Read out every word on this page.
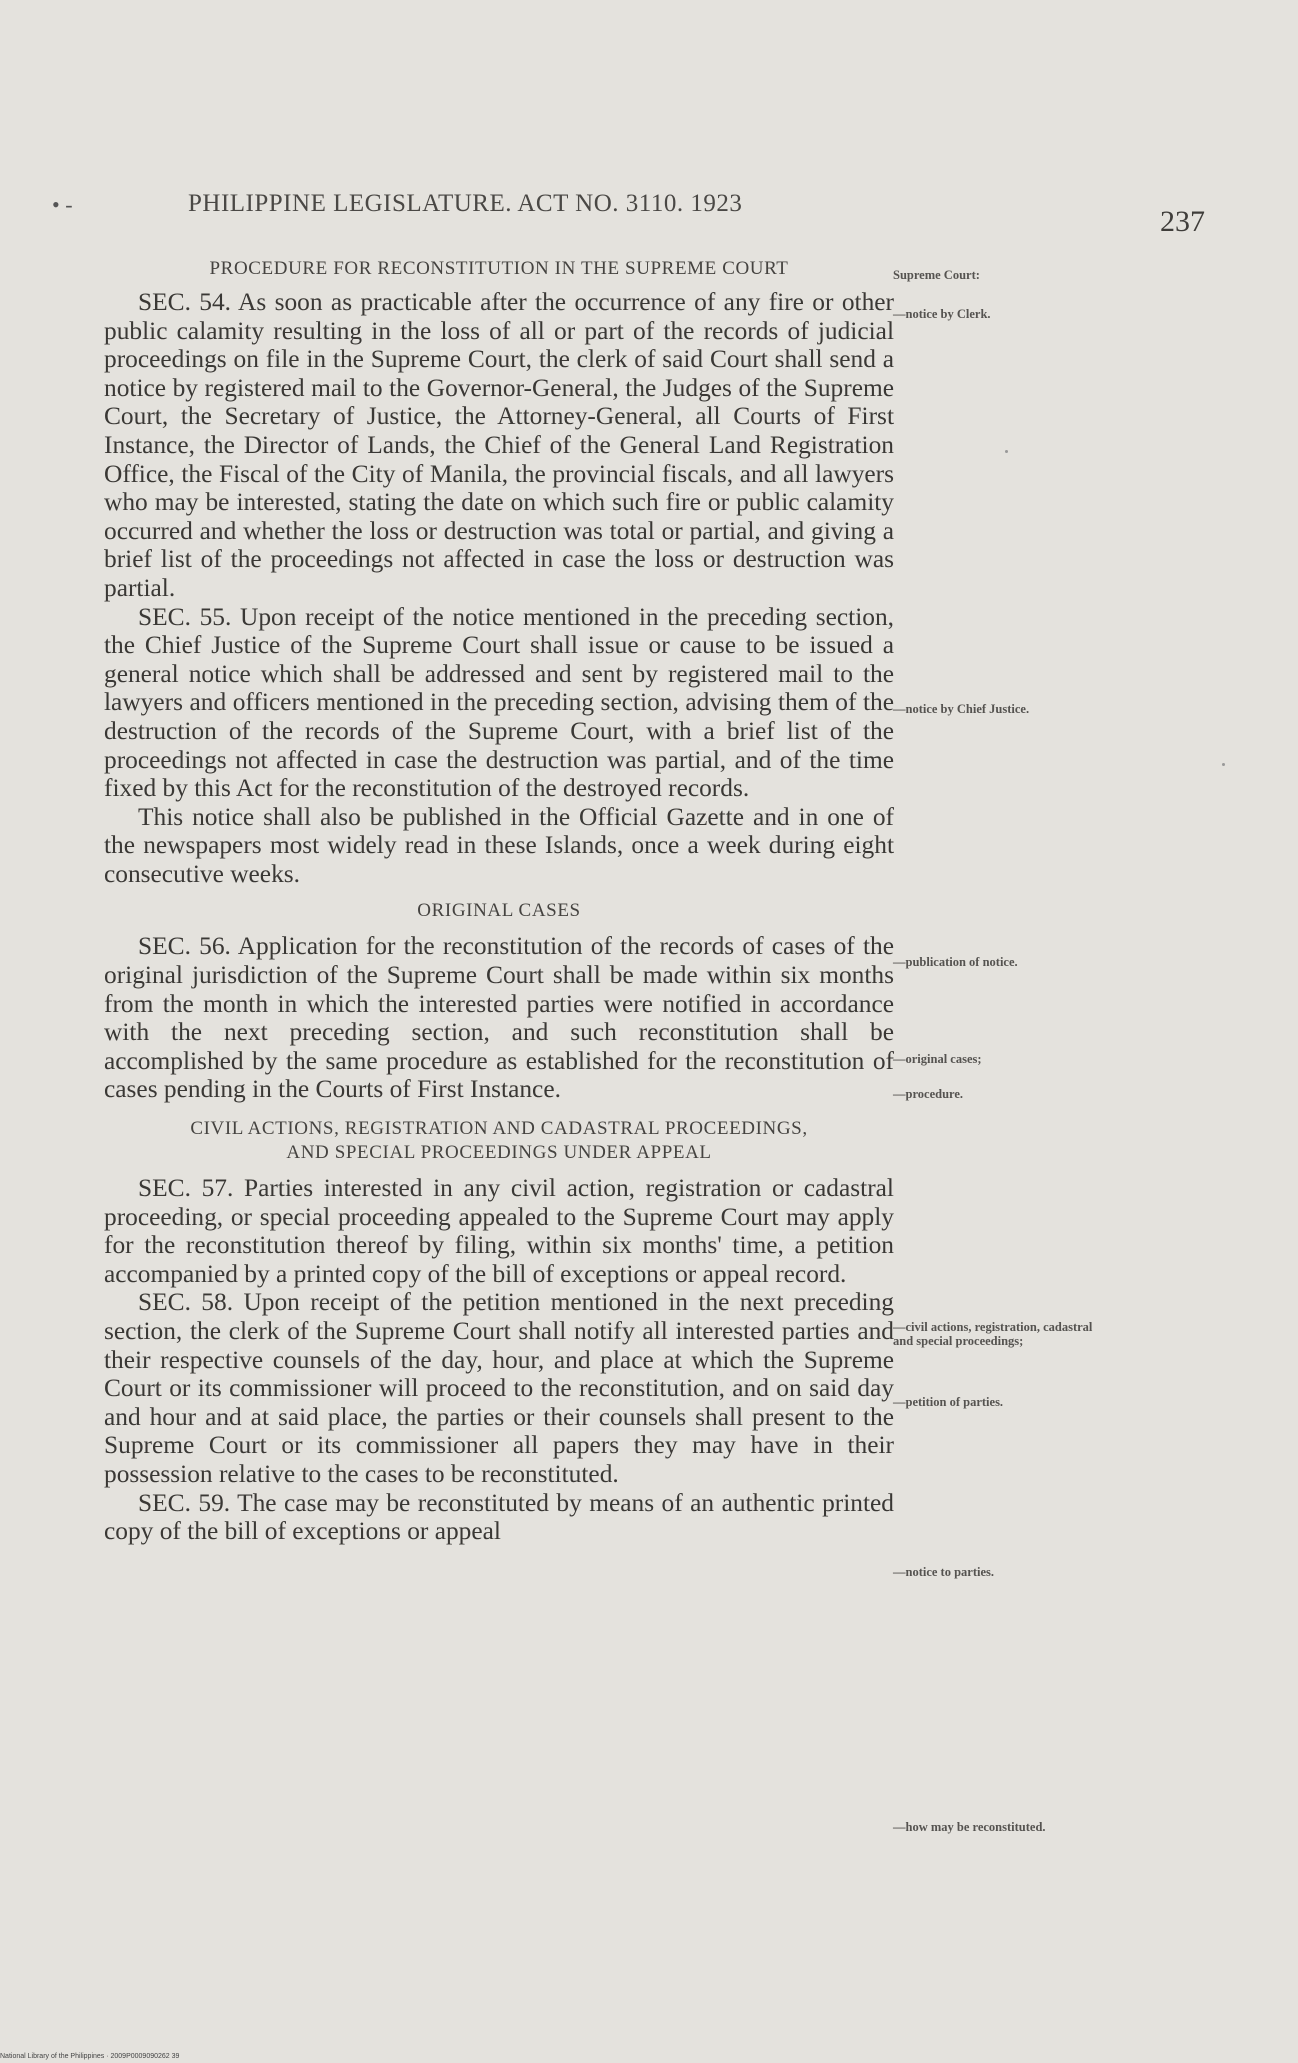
• -	PHILIPPINE LEGISLATURE. ACT NO. 3110. 1923
237
PROCEDURE FOR RECONSTITUTION IN THE SUPREME COURT

SEC. 54. As soon as practicable after the occurrence of any fire or other public calamity resulting in the loss of all or part of the records of judicial proceedings on file in the Supreme Court, the clerk of said Court shall send a notice by registered mail to the Governor-General, the Judges of the Supreme Court, the Secretary of Justice, the Attorney-General, all Courts of First Instance, the Director of Lands, the Chief of the General Land Registration Office, the Fiscal of the City of Manila, the provincial fiscals, and all lawyers who may be interested, stating the date on which such fire or public calamity occurred and whether the loss or destruction was total or partial, and giving a brief list of the proceedings not affected in case the loss or destruction was partial.

SEC. 55. Upon receipt of the notice mentioned in the preceding section, the Chief Justice of the Supreme Court shall issue or cause to be issued a general notice which shall be addressed and sent by registered mail to the lawyers and officers mentioned in the preceding section, advising them of the destruction of the records of the Supreme Court, with a brief list of the proceedings not affected in case the destruction was partial, and of the time fixed by this Act for the reconstitution of the destroyed records.

This notice shall also be published in the Official Gazette and in one of the newspapers most widely read in these Islands, once a week during eight consecutive weeks.

ORIGINAL CASES

SEC. 56. Application for the reconstitution of the records of cases of the original jurisdiction of the Supreme Court shall be made within six months from the month in which the interested parties were notified in accordance with the next preceding section, and such reconstitution shall be accomplished by the same procedure as established for the reconstitution of cases pending in the Courts of First Instance.

CIVIL ACTIONS, REGISTRATION AND CADASTRAL PROCEEDINGS,
AND SPECIAL PROCEEDINGS UNDER APPEAL

SEC. 57. Parties interested in any civil action, registration or cadastral proceeding, or special proceeding appealed to the Supreme Court may apply for the reconstitution thereof by filing, within six months' time, a petition accompanied by a printed copy of the bill of exceptions or appeal record.

SEC. 58. Upon receipt of the petition mentioned in the next preceding section, the clerk of the Supreme Court shall notify all interested parties and their respective counsels of the day, hour, and place at which the Supreme Court or its commissioner will proceed to the reconstitution, and on said day and hour and at said place, the parties or their counsels shall present to the Supreme Court or its commissioner all papers they may have in their possession relative to the cases to be reconstituted.

SEC. 59. The case may be reconstituted by means of an authentic printed copy of the bill of exceptions or appeal

Supreme Court:
—notice by Clerk.
—notice by Chief Justice.
—publication of notice.
—original cases;
—procedure.
—civil actions, registration, cadastral and special proceedings;
—petition of parties.
—notice to parties.
—how may be reconstituted.
National Library of the Philippines · 2009P0009090262 39
